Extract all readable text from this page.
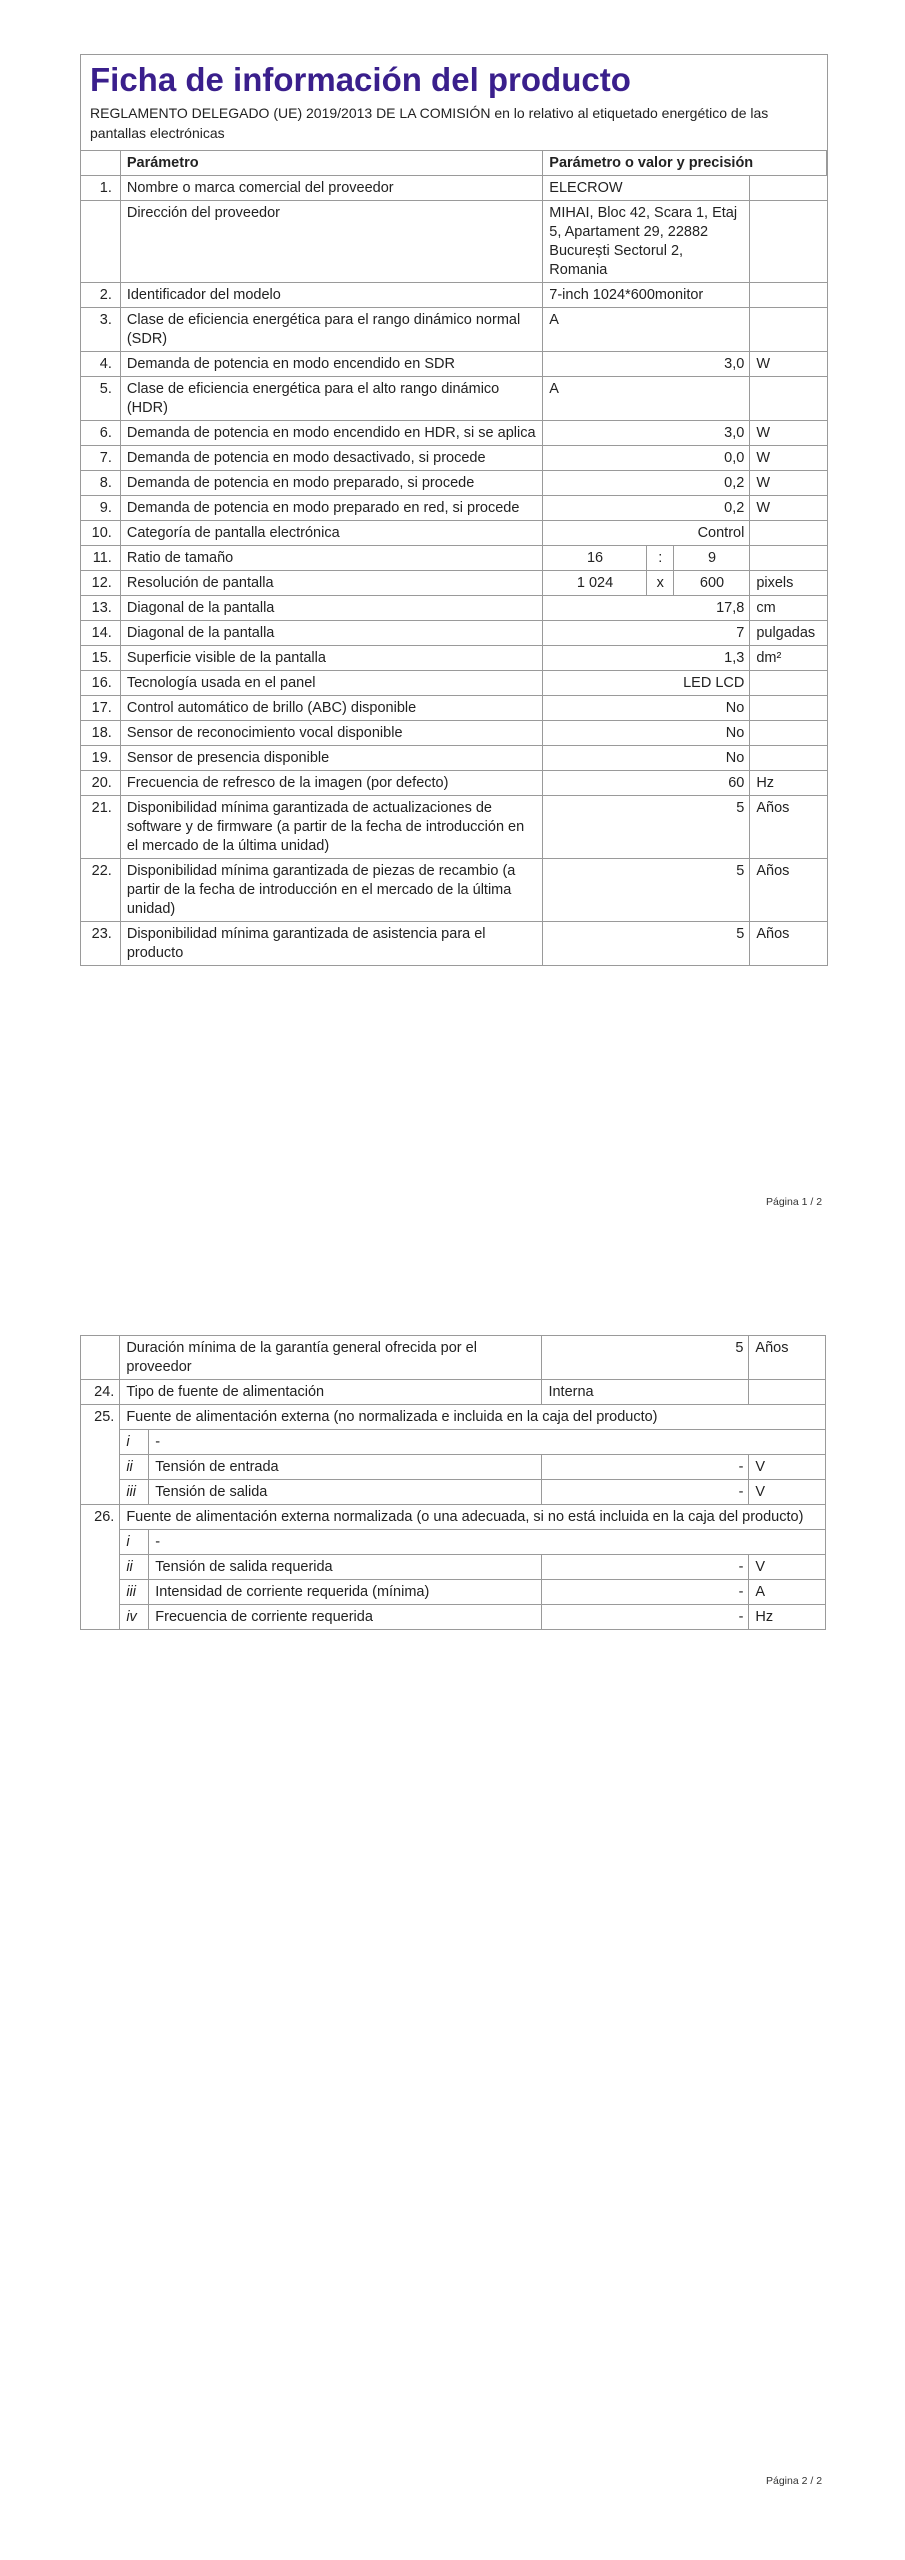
Ficha de información del producto
REGLAMENTO DELEGADO (UE) 2019/2013 DE LA COMISIÓN en lo relativo al etiquetado energético de las pantallas electrónicas
	Parámetro	Parámetro o valor y precisión			

1.	Nombre o marca comercial del proveedor	ELECROW			
	Dirección del proveedor	MIHAI, Bloc 42, Scara 1, Etaj 5, Apartament 29, 22882 București Sectorul 2, Romania			
2.	Identificador del modelo	7-inch 1024*600monitor			
3.	Clase de eficiencia energética para el rango dinámico normal (SDR)	A			
4.	Demanda de potencia en modo encendido en SDR	3,0			W
5.	Clase de eficiencia energética para el alto rango dinámico (HDR)	A			
6.	Demanda de potencia en modo encendido en HDR, si se aplica	3,0			W
7.	Demanda de potencia en modo desactivado, si procede	0,0			W
8.	Demanda de potencia en modo preparado, si procede	0,2			W
9.	Demanda de potencia en modo preparado en red, si procede	0,2			W
10.	Categoría de pantalla electrónica	Control			
11.	Ratio de tamaño	16	:	9	
12.	Resolución de pantalla	1 024	x	600	pixels
13.	Diagonal de la pantalla	17,8			cm
14.	Diagonal de la pantalla	7			pulgadas
15.	Superficie visible de la pantalla	1,3			dm²
16.	Tecnología usada en el panel	LED LCD			
17.	Control automático de brillo (ABC) disponible	No			
18.	Sensor de reconocimiento vocal disponible	No			
19.	Sensor de presencia disponible	No			
20.	Frecuencia de refresco de la imagen (por defecto)	60			Hz
21.	Disponibilidad mínima garantizada de actualizaciones de software y de firmware (a partir de la fecha de introducción en el mercado de la última unidad)	5			Años
22.	Disponibilidad mínima garantizada de piezas de recambio (a partir de la fecha de introducción en el mercado de la última unidad)	5			Años
23.	Disponibilidad mínima garantizada de asistencia para el producto	5			Años
Página 1 / 2
	Duración mínima de la garantía general ofrecida por el proveedor		5	Años
24.	Tipo de fuente de alimentación		Interna	
25.	Fuente de alimentación externa (no normalizada e incluida en la caja del producto)			
	i	-		
	ii	Tensión de entrada	-	V
	iii	Tensión de salida	-	V
26.	Fuente de alimentación externa normalizada (o una adecuada, si no está incluida en la caja del producto)			
	i	-		
	ii	Tensión de salida requerida	-	V
	iii	Intensidad de corriente requerida (mínima)	-	A
	iv	Frecuencia de corriente requerida	-	Hz
Página 2 / 2
